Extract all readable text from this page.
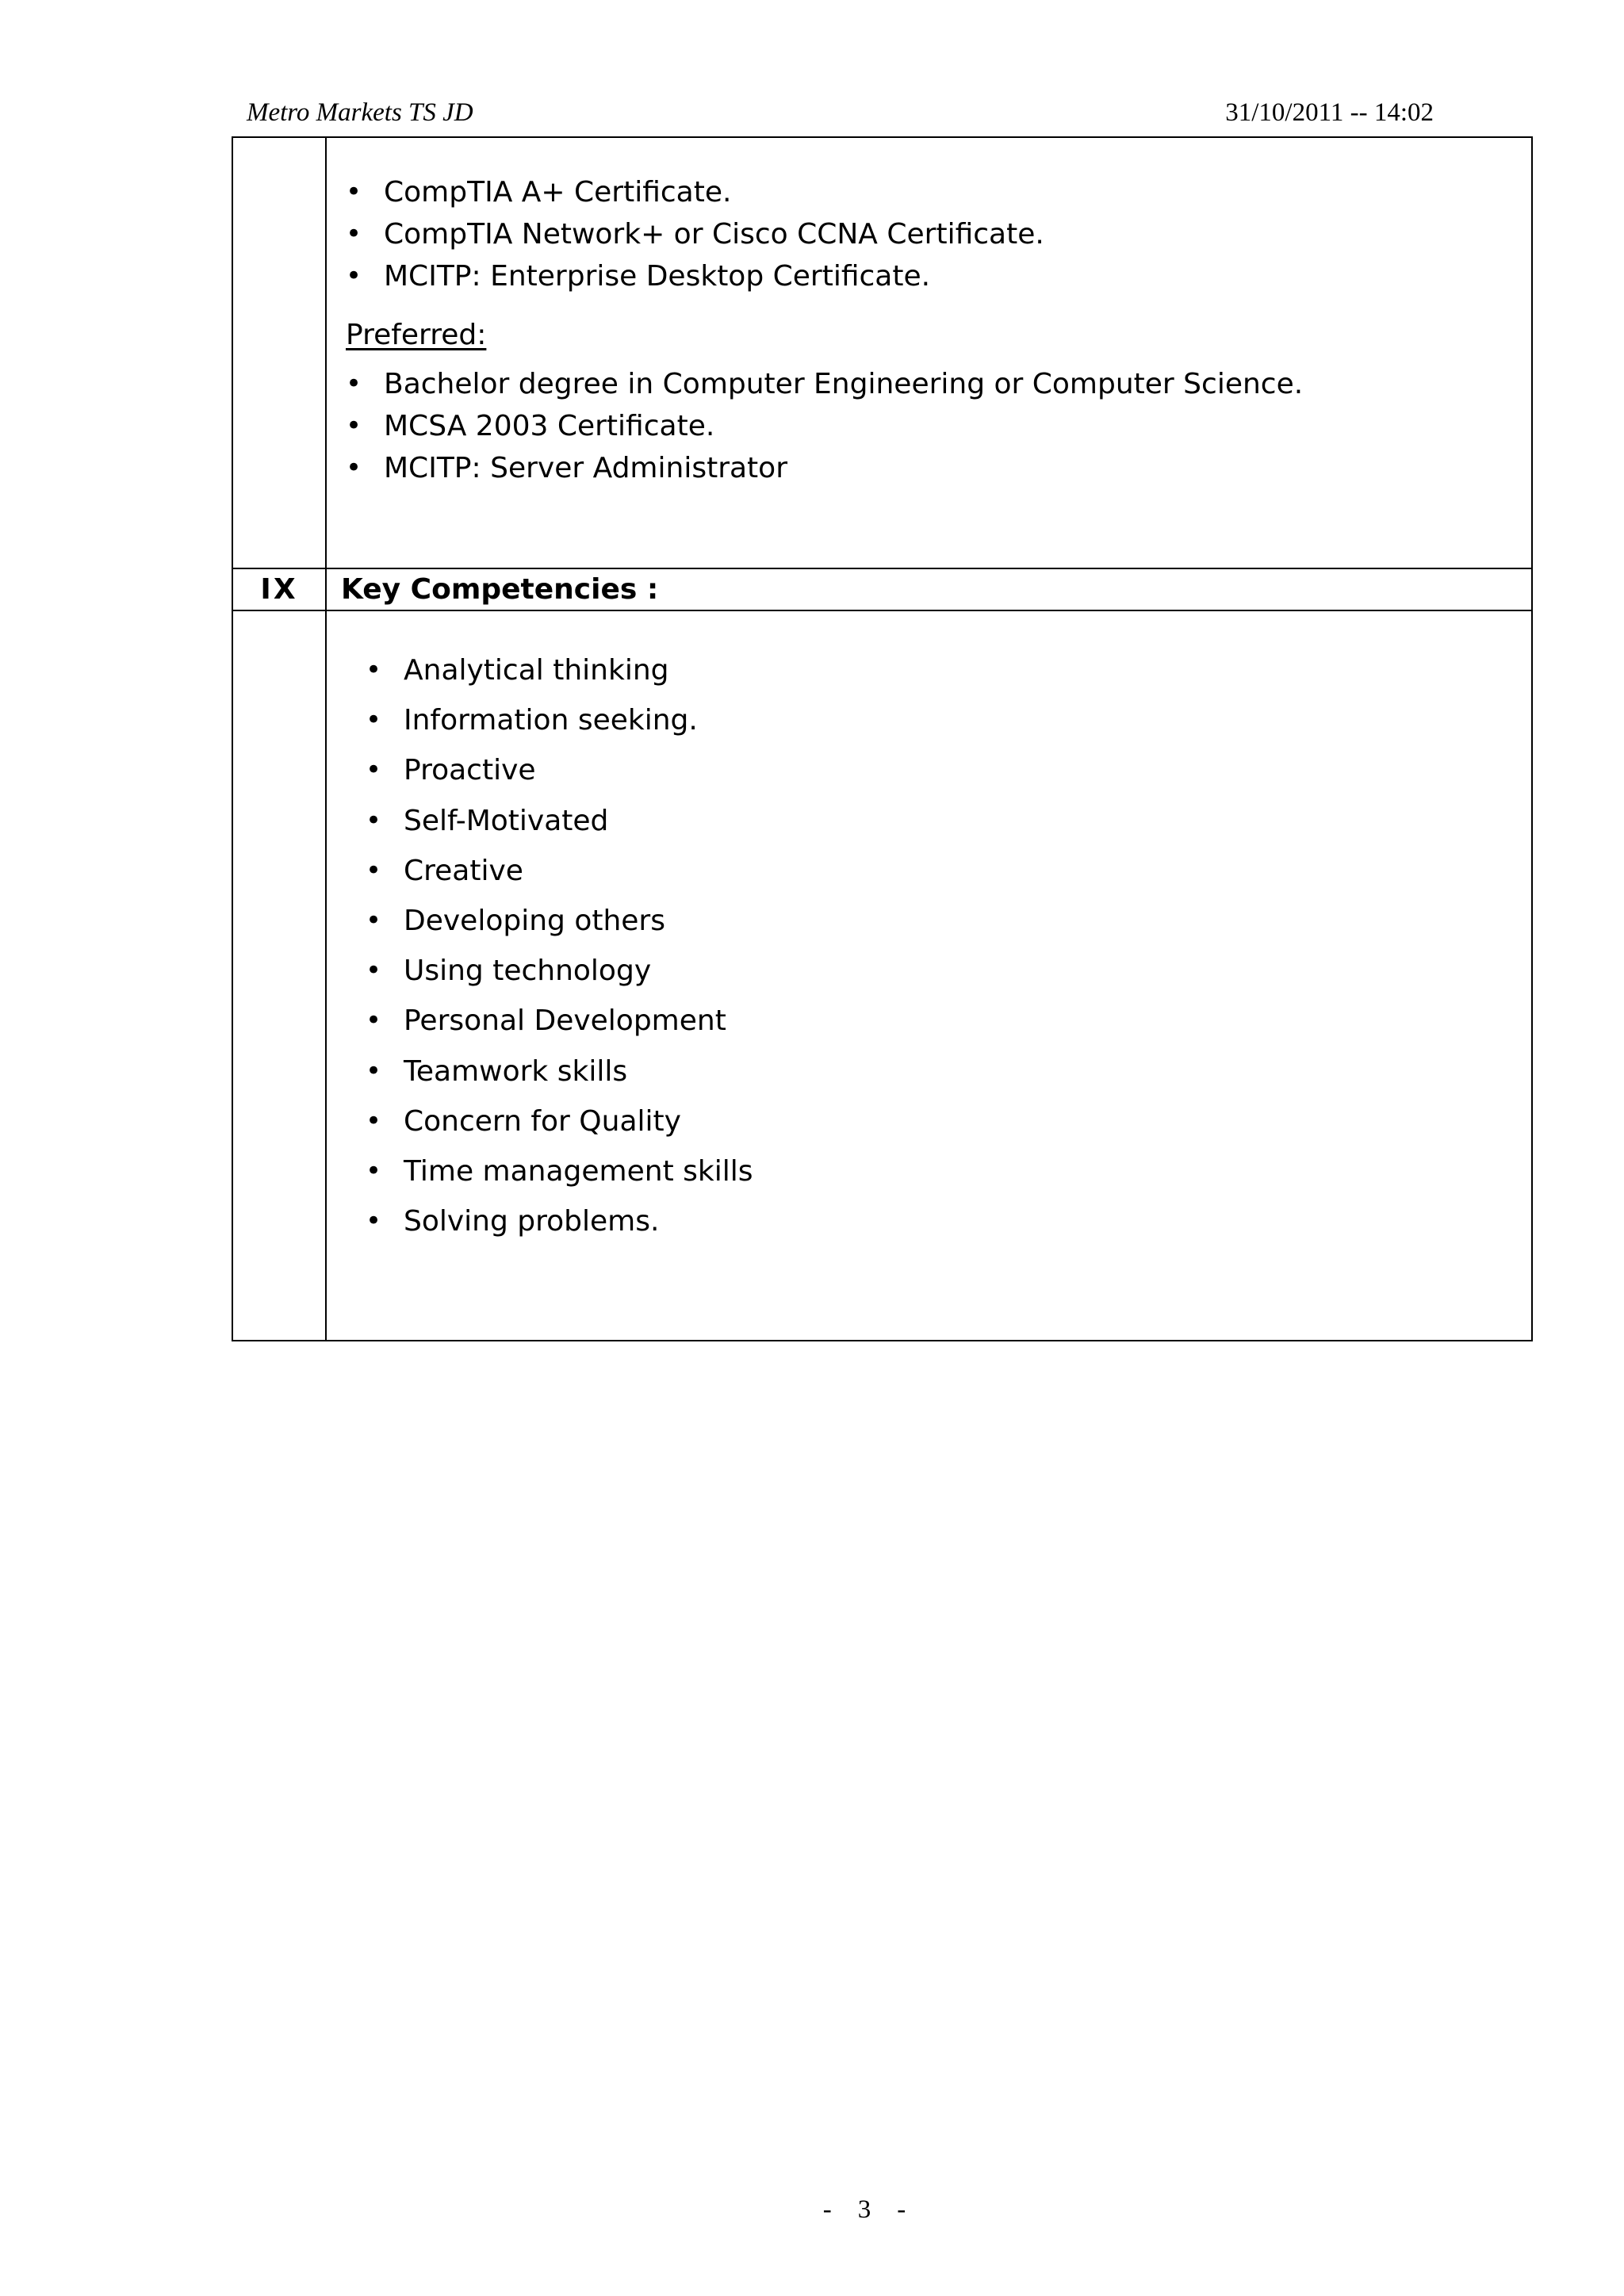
Metro Markets TS JD	31/10/2011 -- 14:02
• CompTIA A+ Certificate.
• CompTIA Network+ or Cisco CCNA Certificate.
• MCITP: Enterprise Desktop Certificate.
Preferred:
• Bachelor degree in Computer Engineering or Computer Science.
• MCSA 2003 Certificate.
• MCITP: Server Administrator
IX	Key Competencies :
• Analytical thinking
• Information seeking.
• Proactive
• Self-Motivated
• Creative
• Developing others
• Using technology
• Personal Development
• Teamwork skills
• Concern for Quality
• Time management skills
• Solving problems.
-    3    -
